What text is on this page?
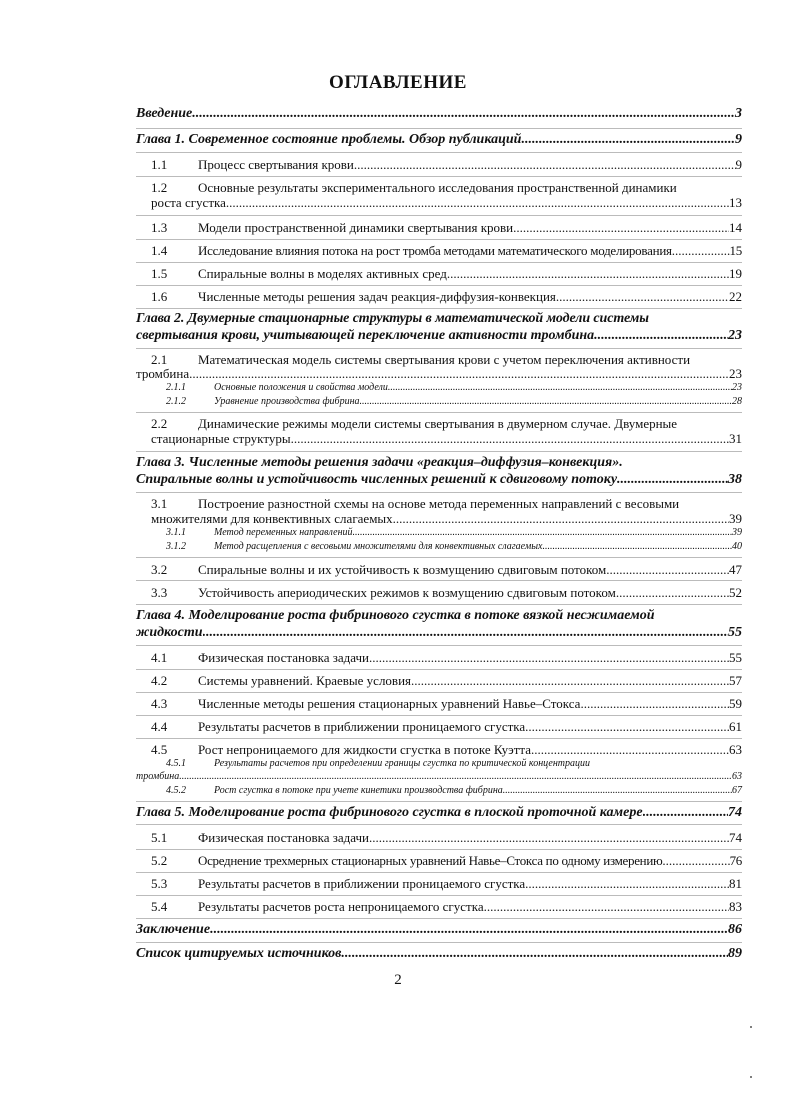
ОГЛАВЛЕНИЕ
Введение .....	3
Глава 1. Современное состояние проблемы. Обзор публикаций .....	9
1.1 Процесс свертывания крови .....	9
1.2 Основные результаты экспериментального исследования пространственной динамики
роста сгустка .....	13
1.3 Модели пространственной динамики свертывания крови .....	14
1.4 Исследование влияния потока на рост тромба методами математического моделирования .....	15
1.5 Спиральные волны в моделях активных сред .....	19
1.6 Численные методы решения задач реакция-диффузия-конвекция .....	22
Глава 2. Двумерные стационарные структуры в математической модели системы
свертывания крови, учитывающей переключение активности тромбина .....	23
2.1 Математическая модель системы свертывания крови с учетом переключения активности
тромбина .....	23
2.1.1	Основные положения и свойства модели .....	23
2.1.2	Уравнение производства фибрина .....	28
2.2 Динамические режимы модели системы свертывания в двумерном случае. Двумерные
стационарные структуры .....	31
Глава 3. Численные методы решения задачи «реакция–диффузия–конвекция».
Спиральные волны и устойчивость численных решений к сдвиговому потоку .....	38
3.1 Построение разностной схемы на основе метода переменных направлений с весовыми
множителями для конвективных слагаемых .....	39
3.1.1	Метод переменных направлений .....	39
3.1.2	Метод расщепления с весовыми множителями для конвективных слагаемых .....	40
3.2 Спиральные волны и их устойчивость к возмущению сдвиговым потоком .....	47
3.3 Устойчивость апериодических режимов к возмущению сдвиговым потоком .....	52
Глава 4. Моделирование роста фибринового сгустка в потоке вязкой несжимаемой
жидкости .....	55
4.1 Физическая постановка задачи .....	55
4.2 Системы уравнений. Краевые условия .....	57
4.3 Численные методы решения стационарных уравнений Навье–Стокса .....	59
4.4 Результаты расчетов в приближении проницаемого сгустка .....	61
4.5 Рост непроницаемого для жидкости сгустка в потоке Куэтта .....	63
4.5.1	Результаты расчетов при определении границы сгустка по критической концентрации
тромбина .....	63
4.5.2	Рост сгустка в потоке при учете кинетики производства фибрина .....	67
Глава 5. Моделирование роста фибринового сгустка в плоской проточной камере .....	74
5.1 Физическая постановка задачи .....	74
5.2 Осреднение трехмерных стационарных уравнений Навье–Стокса по одному измерению .....	76
5.3 Результаты расчетов в приближении проницаемого сгустка .....	81
5.4 Результаты расчетов роста непроницаемого сгустка .....	83
Заключение .....	86
Список цитируемых источников .....	89
2
